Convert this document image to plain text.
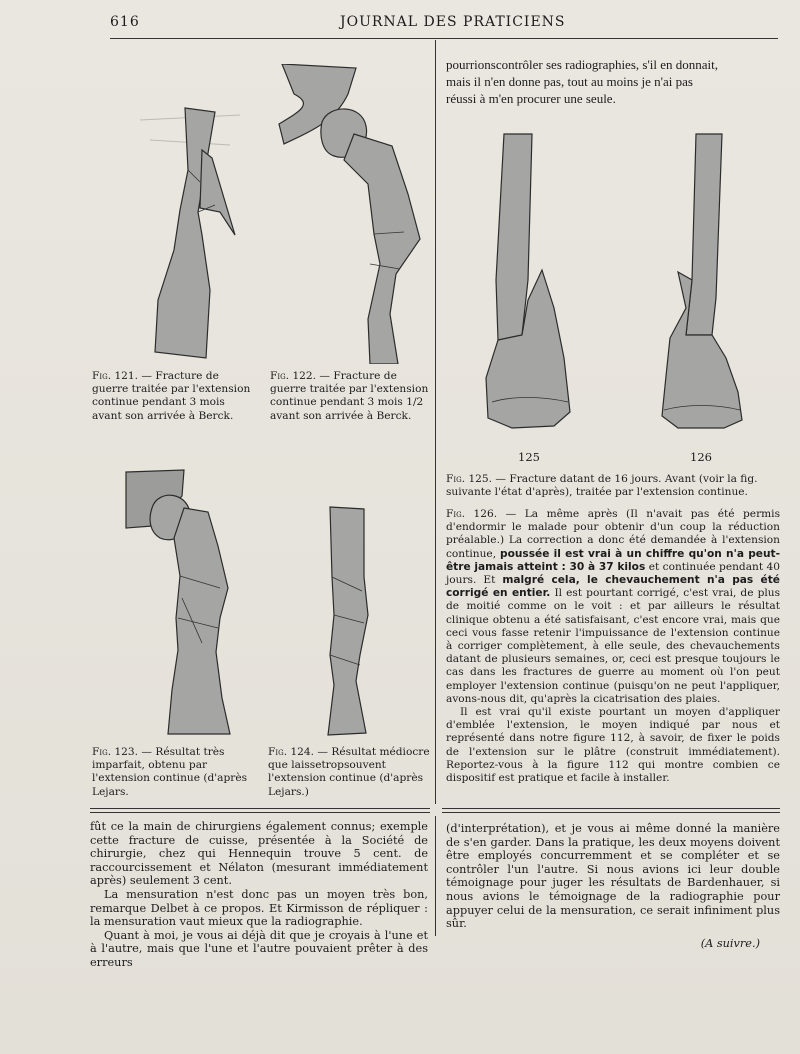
616	JOURNAL DES PRATICIENS

pourrionscontrôler ses radiographies, s'il en donnait,

mais il n'en donne pas, tout au moins je n'ai pas

réussi à m'en procurer une seule.

Fig. 121. — Fracture de guerre traitée par l'extension continue pendant 3 mois avant son arrivée à Berck.
Fig. 122. — Fracture de guerre traitée par l'extension continue pendant 3 mois 1/2 avant son arrivée à Berck.
Fig. 123. — Résultat très imparfait, obtenu par l'extension continue (d'après Lejars.
Fig. 124. — Résultat médiocre que laissetropsouvent l'extension continue (d'après Lejars.)
125	126
Fig. 125. — Fracture datant de 16 jours. Avant (voir la fig. suivante l'état d'après), traitée par l'extension continue.
Fig. 126. — La même après (Il n'avait pas été permis d'endormir le malade pour obtenir d'un coup la réduction préalable.) La correction a donc été demandée à l'extension continue, poussée il est vrai à un chiffre qu'on n'a peut-être jamais atteint : 30 à 37 kilos et continuée pendant 40 jours. Et malgré cela, le chevauchement n'a pas été corrigé en entier. Il est pourtant corrigé, c'est vrai, de plus de moitié comme on le voit : et par ailleurs le résultat clinique obtenu a été satisfaisant, c'est encore vrai, mais que ceci vous fasse retenir l'impuissance de l'extension continue à corriger complètement, à elle seule, des chevauchements datant de plusieurs semaines, or, ceci est presque toujours le cas dans les fractures de guerre au moment où l'on peut employer l'extension continue (puisqu'on ne peut l'appliquer, avons-nous dit, qu'après la cicatrisation des plaies.
Il est vrai qu'il existe pourtant un moyen d'appliquer d'emblée l'extension, le moyen indiqué par nous et représenté dans notre figure 112, à savoir, de fixer le poids de l'extension sur le plâtre (construit immédiatement). Reportez-vous à la figure 112 qui montre combien ce dispositif est pratique et facile à installer.

fût ce la main de chirurgiens également connus; exemple cette fracture de cuisse, présentée à la Société de chirurgie, chez qui Hennequin trouve 5 cent. de raccourcissement et Nélaton (mesurant immédiatement après) seulement 3 cent.

La mensuration n'est donc pas un moyen très bon, remarque Delbet à ce propos. Et Kirmisson de répliquer : la mensuration vaut mieux que la radiographie.

Quant à moi, je vous ai déjà dit que je croyais à l'une et à l'autre, mais que l'une et l'autre pouvaient prêter à des erreurs

(d'interprétation), et je vous ai même donné la manière de s'en garder. Dans la pratique, les deux moyens doivent être employés concurremment et se compléter et se contrôler l'un l'autre. Si nous avions ici leur double témoignage pour juger les résultats de Bardenhauer, si nous avions le témoignage de la radiographie pour appuyer celui de la mensuration, ce serait infiniment plus sûr.

(A suivre.)
